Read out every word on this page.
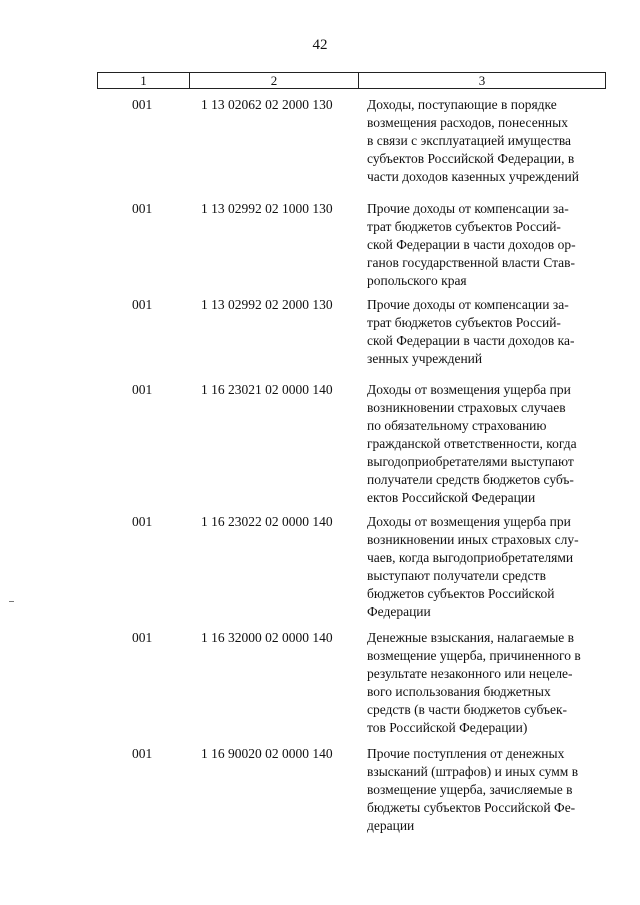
42
1	2	3
001	1 13 02062 02 2000 130	Доходы, поступающие в порядке
возмещения расходов, понесенных
в связи с эксплуатацией имущества
субъектов Российской Федерации, в
части доходов казенных учреждений
001	1 13 02992 02 1000 130	Прочие доходы от компенсации за-
трат бюджетов субъектов Россий-
ской Федерации в части доходов ор-
ганов государственной власти Став-
ропольского края
001	1 13 02992 02 2000 130	Прочие доходы от компенсации за-
трат бюджетов субъектов Россий-
ской Федерации в части доходов ка-
зенных учреждений
001	1 16 23021 02 0000 140	Доходы от возмещения ущерба при
возникновении страховых случаев
по обязательному страхованию
гражданской ответственности, когда
выгодоприобретателями выступают
получатели средств бюджетов субъ-
ектов Российской Федерации
001	1 16 23022 02 0000 140	Доходы от возмещения ущерба при
возникновении иных страховых слу-
чаев, когда выгодоприобретателями
выступают получатели средств
бюджетов субъектов Российской
Федерации
001	1 16 32000 02 0000 140	Денежные взыскания, налагаемые в
возмещение ущерба, причиненного в
результате незаконного или нецеле-
вого использования бюджетных
средств (в части бюджетов субъек-
тов Российской Федерации)
001	1 16 90020 02 0000 140	Прочие поступления от денежных
взысканий (штрафов) и иных сумм в
возмещение ущерба, зачисляемые в
бюджеты субъектов Российской Фе-
дерации
